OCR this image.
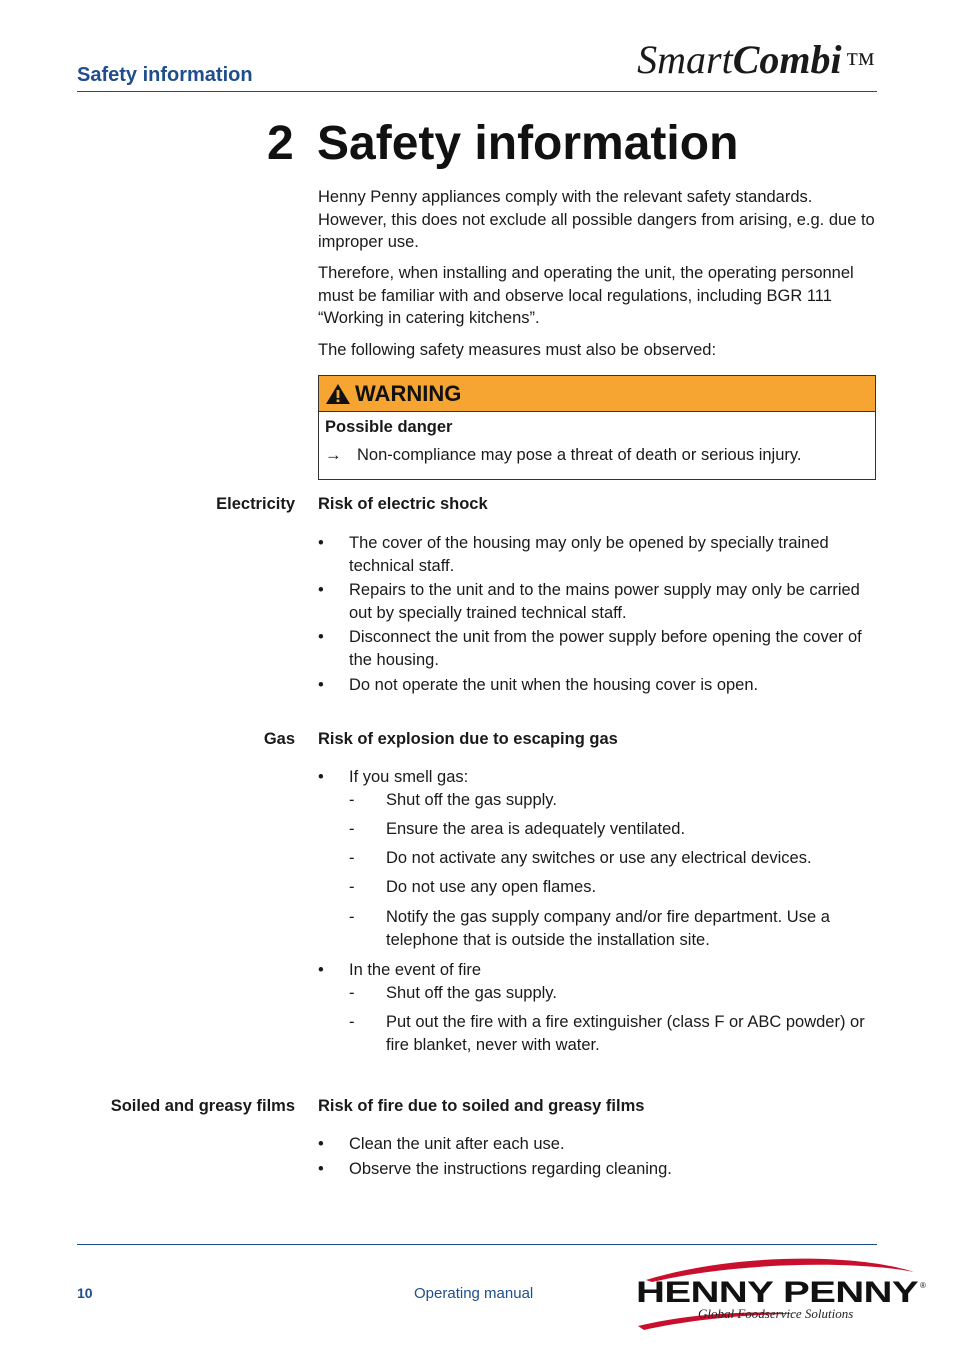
Safety information	SmartCombi ™
2 Safety information

Henny Penny appliances comply with the relevant safety standards. However, this does not exclude all possible dangers from arising, e.g. due to improper use.

Therefore, when installing and operating the unit, the operating personnel must be familiar with and observe local regulations, including BGR 111 “Working in catering kitchens”.

The following safety measures must also be observed:

WARNING
Possible danger
→ Non-compliance may pose a threat of death or serious injury.
Electricity Risk of electric shock
• The cover of the housing may only be opened by specially trained technical staff.
• Repairs to the unit and to the mains power supply may only be carried out by specially trained technical staff.
• Disconnect the unit from the power supply before opening the cover of the housing.
• Do not operate the unit when the housing cover is open.
Gas Risk of explosion due to escaping gas
• If you smell gas:
- Shut off the gas supply.
- Ensure the area is adequately ventilated.
- Do not activate any switches or use any electrical devices.
- Do not use any open flames.
- Notify the gas supply company and/or fire department. Use a telephone that is outside the installation site.
• In the event of fire
- Shut off the gas supply.
- Put out the fire with a fire extinguisher (class F or ABC powder) or fire blanket, never with water.
Soiled and greasy films Risk of fire due to soiled and greasy films
• Clean the unit after each use.
• Observe the instructions regarding cleaning.
10	Operating manual	HENNY PENNY ®
Global Foodservice Solutions
